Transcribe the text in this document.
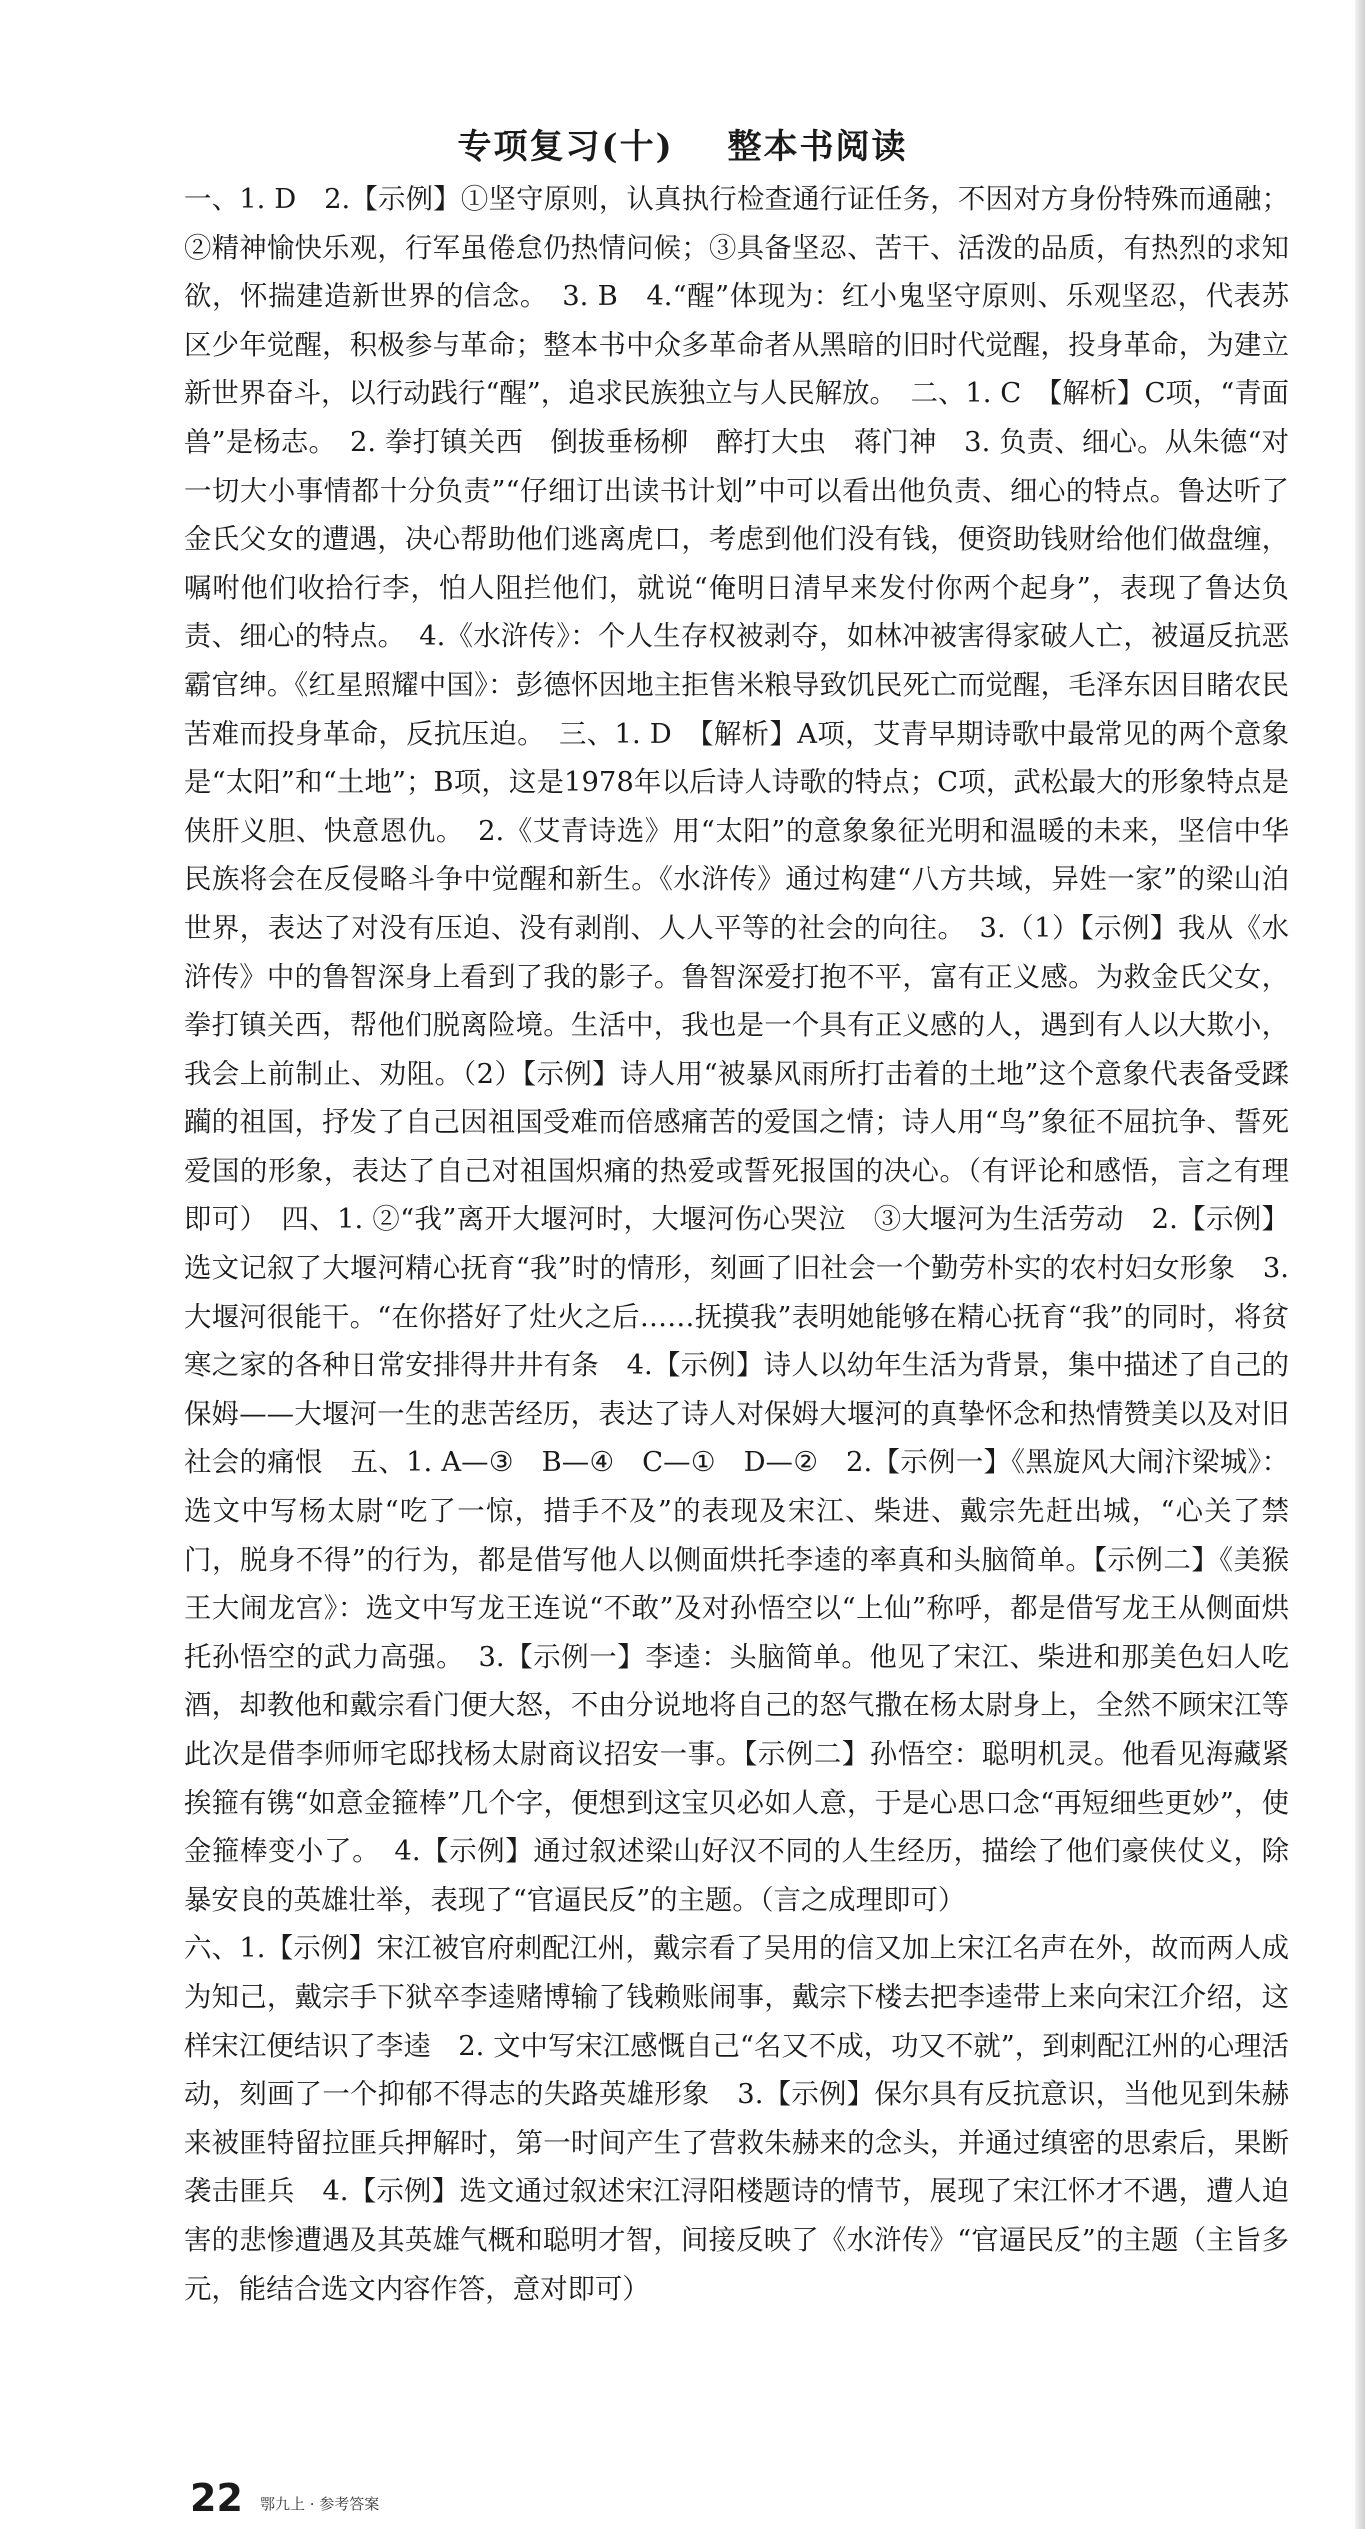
专项复习(十) 整本书阅读

一、1. D　2.【示例】①坚守原则，认真执行检查通行证任务，不因对方身份特殊而通融；②精神愉快乐观，行军虽倦怠仍热情问候；③具备坚忍、苦干、活泼的品质，有热烈的求知欲，怀揣建造新世界的信念。　3. B　4.“醒”体现为：红小鬼坚守原则、乐观坚忍，代表苏区少年觉醒，积极参与革命；整本书中众多革命者从黑暗的旧时代觉醒，投身革命，为建立新世界奋斗，以行动践行“醒”，追求民族独立与人民解放。　二、1. C　【解析】C项，“青面兽”是杨志。　2. 拳打镇关西　倒拔垂杨柳　醉打大虫　蒋门神　3. 负责、细心。从朱德“对一切大小事情都十分负责”“仔细订出读书计划”中可以看出他负责、细心的特点。鲁达听了金氏父女的遭遇，决心帮助他们逃离虎口，考虑到他们没有钱，便资助钱财给他们做盘缠，嘱咐他们收拾行李，怕人阻拦他们，就说“俺明日清早来发付你两个起身”，表现了鲁达负责、细心的特点。　4.《水浒传》：个人生存权被剥夺，如林冲被害得家破人亡，被逼反抗恶霸官绅。《红星照耀中国》：彭德怀因地主拒售米粮导致饥民死亡而觉醒，毛泽东因目睹农民苦难而投身革命，反抗压迫。　三、1. D　【解析】A项，艾青早期诗歌中最常见的两个意象是“太阳”和“土地”；B项，这是1978年以后诗人诗歌的特点；C项，武松最大的形象特点是侠肝义胆、快意恩仇。　2.《艾青诗选》用“太阳”的意象象征光明和温暖的未来，坚信中华民族将会在反侵略斗争中觉醒和新生。《水浒传》通过构建“八方共域，异姓一家”的梁山泊世界，表达了对没有压迫、没有剥削、人人平等的社会的向往。　3.（1）【示例】我从《水浒传》中的鲁智深身上看到了我的影子。鲁智深爱打抱不平，富有正义感。为救金氏父女，拳打镇关西，帮他们脱离险境。生活中，我也是一个具有正义感的人，遇到有人以大欺小，我会上前制止、劝阻。（2）【示例】诗人用“被暴风雨所打击着的土地”这个意象代表备受蹂躏的祖国，抒发了自己因祖国受难而倍感痛苦的爱国之情；诗人用“鸟”象征不屈抗争、誓死爱国的形象，表达了自己对祖国炽痛的热爱或誓死报国的决心。（有评论和感悟，言之有理即可）　四、1. ②“我”离开大堰河时，大堰河伤心哭泣　③大堰河为生活劳动　2.【示例】选文记叙了大堰河精心抚育“我”时的情形，刻画了旧社会一个勤劳朴实的农村妇女形象　3. 大堰河很能干。“在你搭好了灶火之后……抚摸我”表明她能够在精心抚育“我”的同时，将贫寒之家的各种日常安排得井井有条　4.【示例】诗人以幼年生活为背景，集中描述了自己的保姆——大堰河一生的悲苦经历，表达了诗人对保姆大堰河的真挚怀念和热情赞美以及对旧社会的痛恨　五、1. A—③　B—④　C—①　D—②　2.【示例一】《黑旋风大闹汴梁城》：选文中写杨太尉“吃了一惊，措手不及”的表现及宋江、柴进、戴宗先赶出城，“心关了禁门，脱身不得”的行为，都是借写他人以侧面烘托李逵的率真和头脑简单。【示例二】《美猴王大闹龙宫》：选文中写龙王连说“不敢”及对孙悟空以“上仙”称呼，都是借写龙王从侧面烘托孙悟空的武力高强。　3.【示例一】李逵：头脑简单。他见了宋江、柴进和那美色妇人吃酒，却教他和戴宗看门便大怒，不由分说地将自己的怒气撒在杨太尉身上，全然不顾宋江等此次是借李师师宅邸找杨太尉商议招安一事。【示例二】孙悟空：聪明机灵。他看见海藏紧挨箍有镌“如意金箍棒”几个字，便想到这宝贝必如人意，于是心思口念“再短细些更妙”，使金箍棒变小了。　4.【示例】通过叙述梁山好汉不同的人生经历，描绘了他们豪侠仗义，除暴安良的英雄壮举，表现了“官逼民反”的主题。（言之成理即可）

六、1.【示例】宋江被官府刺配江州，戴宗看了吴用的信又加上宋江名声在外，故而两人成为知己，戴宗手下狱卒李逵赌博输了钱赖账闹事，戴宗下楼去把李逵带上来向宋江介绍，这样宋江便结识了李逵　2. 文中写宋江感慨自己“名又不成，功又不就”，到刺配江州的心理活动，刻画了一个抑郁不得志的失路英雄形象　3.【示例】保尔具有反抗意识，当他见到朱赫来被匪特留拉匪兵押解时，第一时间产生了营救朱赫来的念头，并通过缜密的思索后，果断袭击匪兵　4.【示例】选文通过叙述宋江浔阳楼题诗的情节，展现了宋江怀才不遇，遭人迫害的悲惨遭遇及其英雄气概和聪明才智，间接反映了《水浒传》“官逼民反”的主题（主旨多元，能结合选文内容作答，意对即可）

22 鄂九上 · 参考答案
